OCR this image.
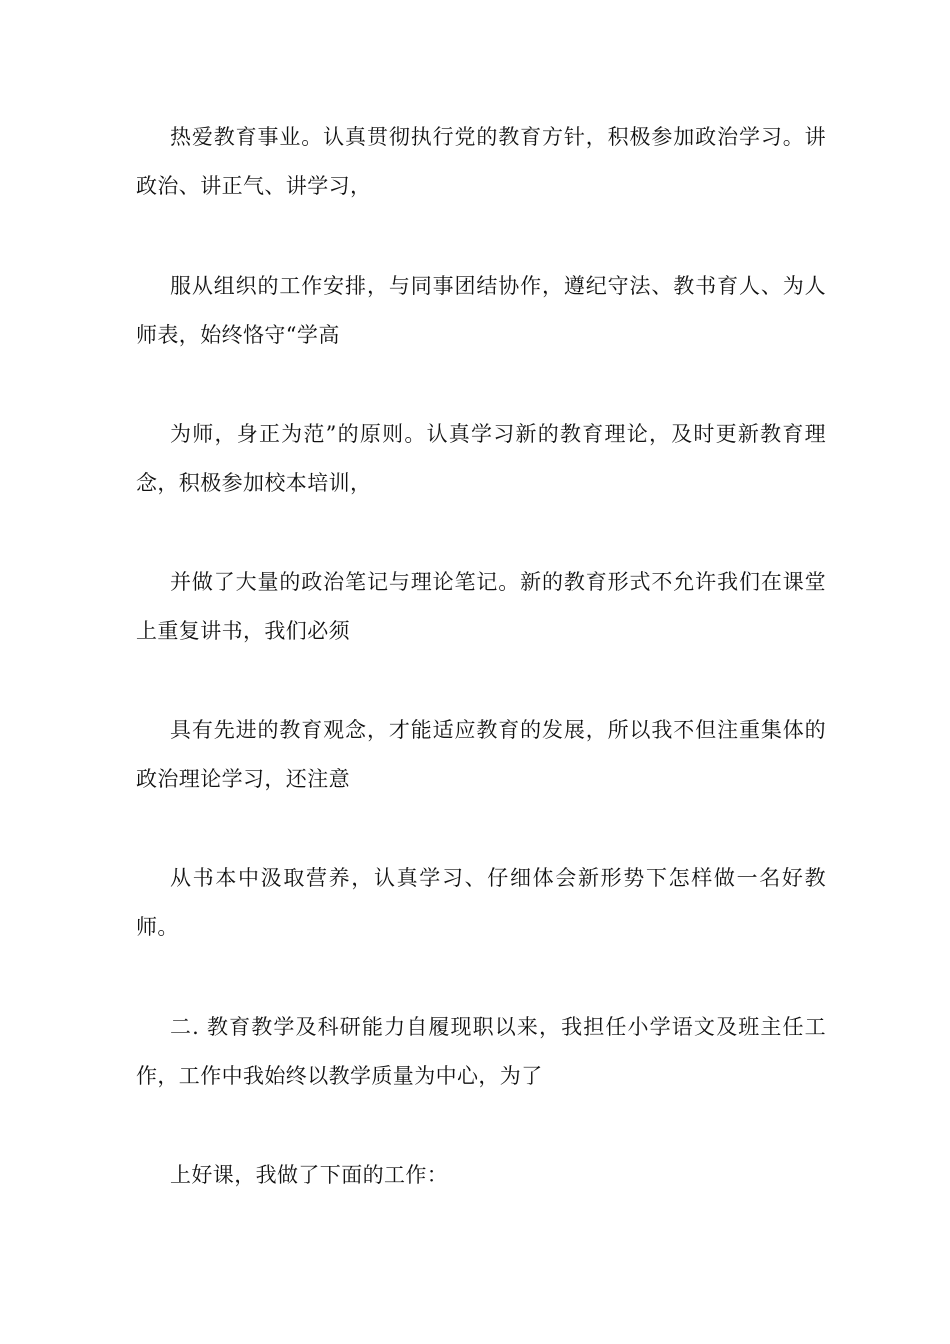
热爱教育事业。认真贯彻执行党的教育方针，积极参加政治学习。讲政治、讲正气、讲学习，

服从组织的工作安排，与同事团结协作，遵纪守法、教书育人、为人师表，始终恪守“学高

为师，身正为范”的原则。认真学习新的教育理论，及时更新教育理念，积极参加校本培训，

并做了大量的政治笔记与理论笔记。新的教育形式不允许我们在课堂上重复讲书，我们必须

具有先进的教育观念，才能适应教育的发展，所以我不但注重集体的政治理论学习，还注意

从书本中汲取营养，认真学习、仔细体会新形势下怎样做一名好教师。

二. 教育教学及科研能力自履现职以来，我担任小学语文及班主任工作，工作中我始终以教学质量为中心，为了

上好课，我做了下面的工作：
